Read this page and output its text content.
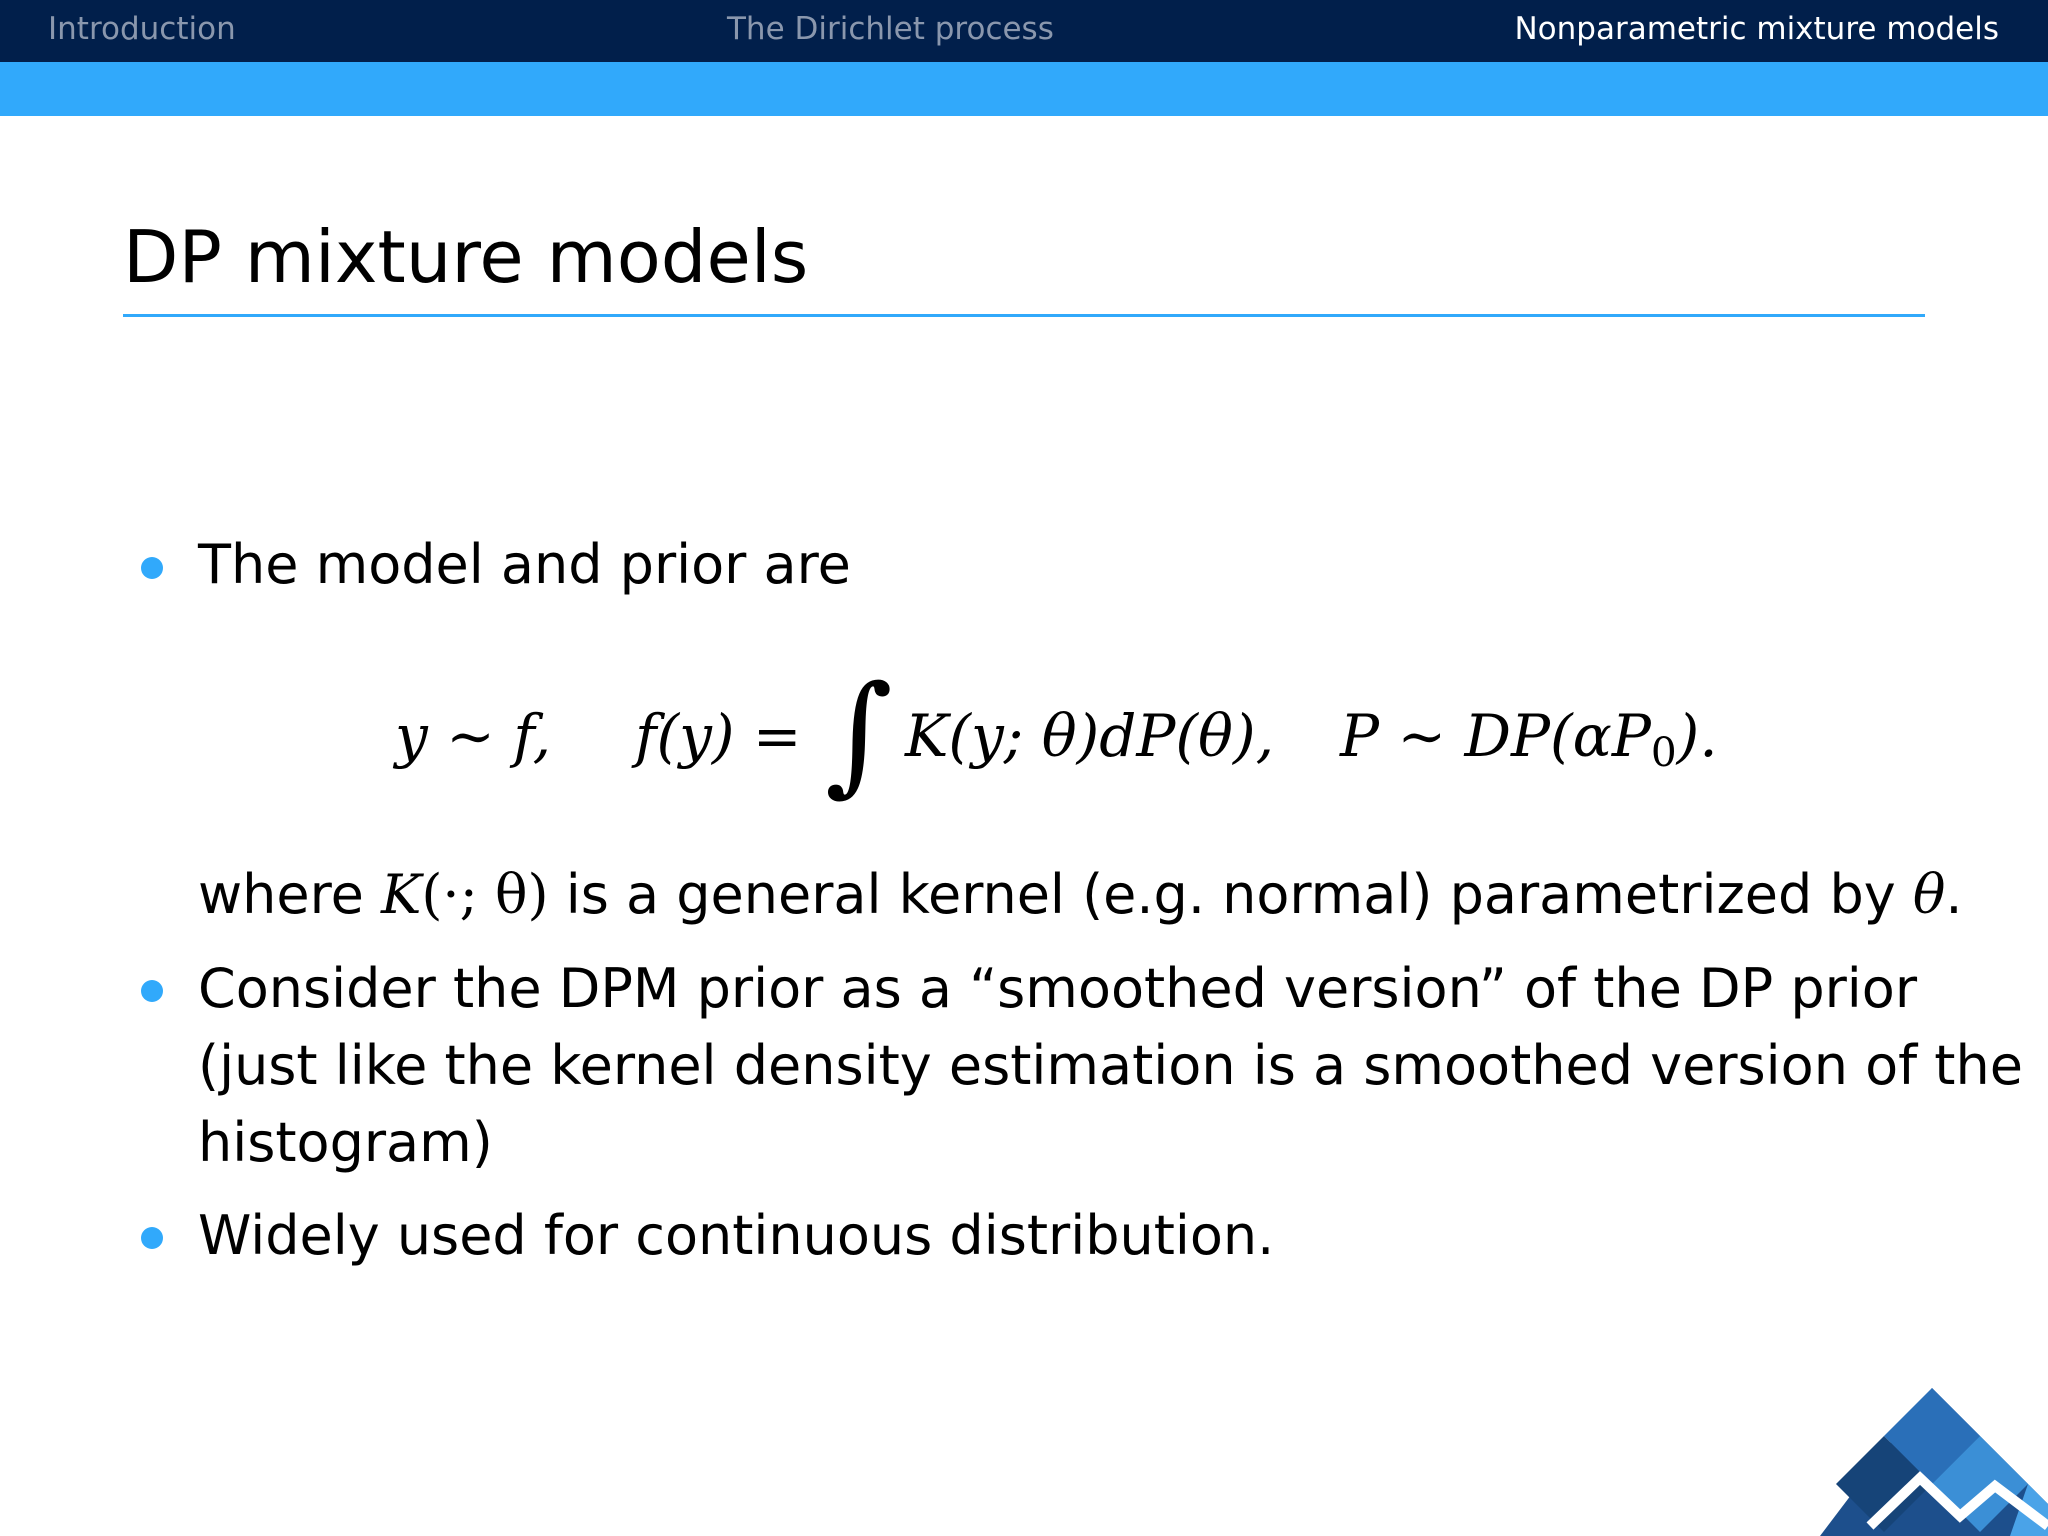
Introduction	The Dirichlet process	Nonparametric mixture models
DP mixture models
The model and prior are
y ∼ f, f(y) = ∫ K(y; θ)dP(θ), P ∼ $DP(\alpha P_0)$.
where K(·; θ) is a general kernel (e.g. normal) parametrized by θ.
Consider the DPM prior as a “smoothed version” of the DP prior
(just like the kernel density estimation is a smoothed version of the
histogram)
Widely used for continuous distribution.
